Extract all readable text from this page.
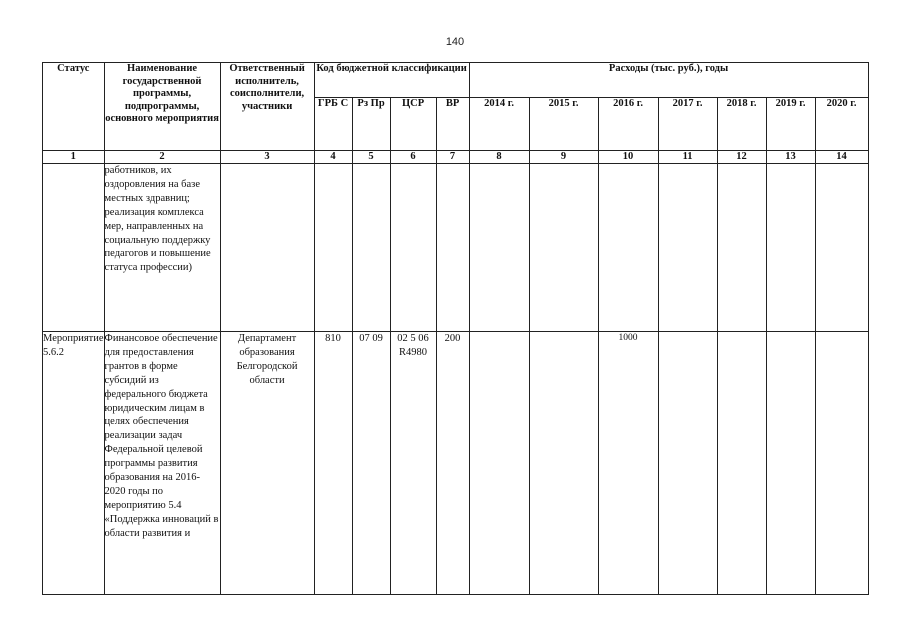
140
Статус	Наименование государственной программы, подпрограммы, основного мероприятия	Ответственный исполнитель, соисполнители, участники	Код бюджетной классификации				Расходы (тыс. руб.), годы						
			ГРБ С	Рз Пр	ЦСР	ВР	2014 г.	2015 г.	2016 г.	2017 г.	2018 г.	2019 г.	2020 г.
1	2	3	4	5	6	7	8	9	10	11	12	13	14
	работников, их оздоровления на базе местных здравниц; реализация комплекса мер, направленных на социальную поддержку педагогов и повышение статуса профессии)												
Мероприятие 5.6.2	Финансовое обеспечение для предоставления грантов в форме субсидий из федерального бюджета юридическим лицам в целях обеспечения реализации задач Федеральной целевой программы развития образования на 2016-2020 годы по мероприятию 5.4 «Поддержка инноваций в области развития и	Департамент образования Белгородской области	810	07 09	02 5 06 R4980	200			1000				
